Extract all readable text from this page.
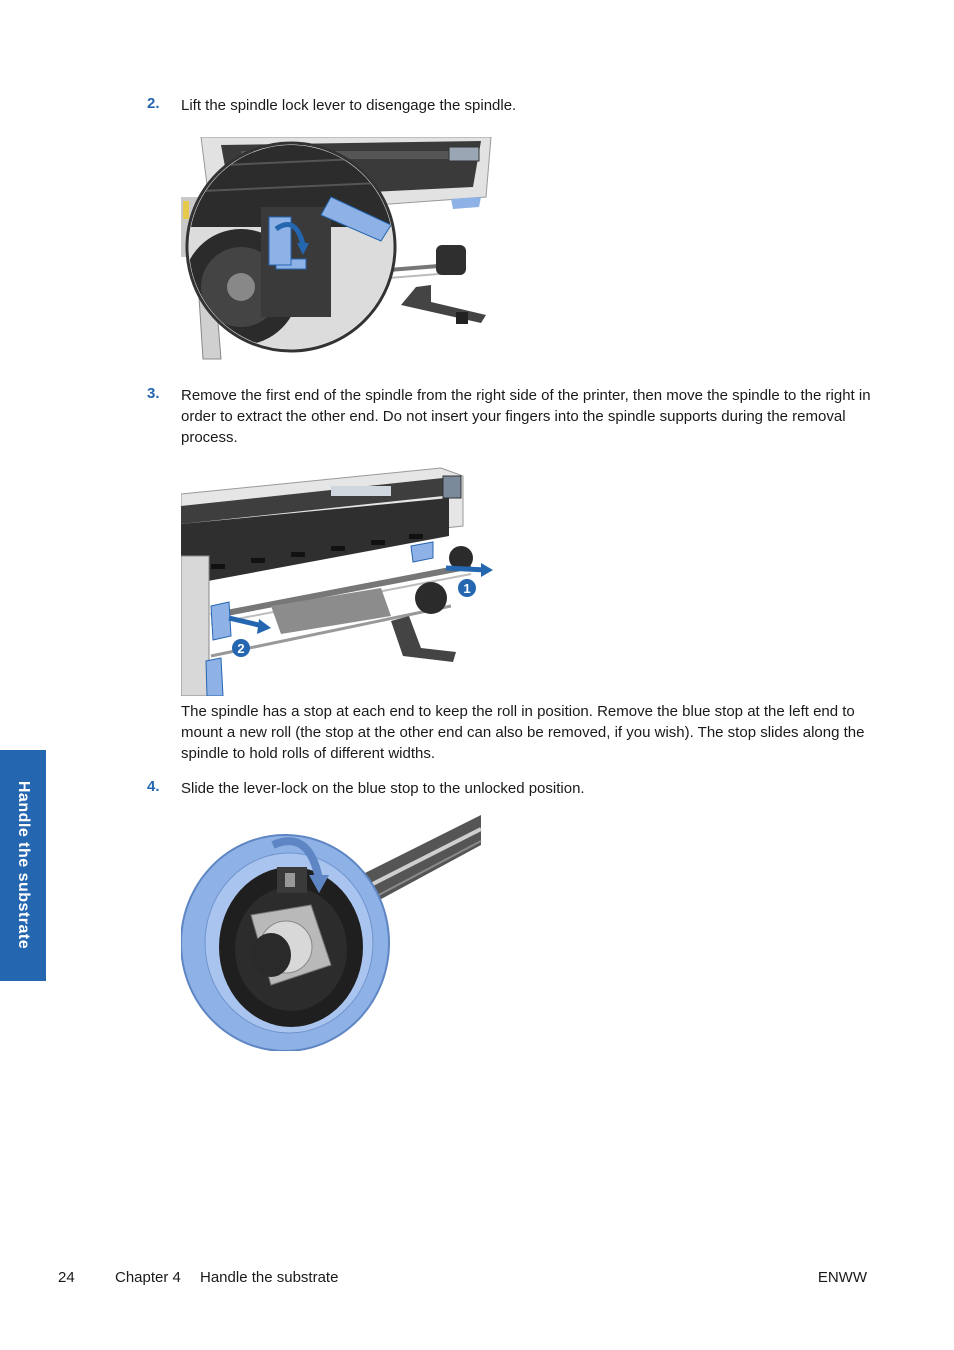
2. Lift the spindle lock lever to disengage the spindle.
3. Remove the first end of the spindle from the right side of the printer, then move the spindle to the right in order to extract the other end. Do not insert your fingers into the spindle supports during the removal process.
1
2
The spindle has a stop at each end to keep the roll in position. Remove the blue stop at the left end to mount a new roll (the stop at the other end can also be removed, if you wish). The stop slides along the spindle to hold rolls of different widths.
4. Slide the lever-lock on the blue stop to the unlocked position.
Handle the substrate
24	Chapter 4 Handle the substrate	ENWW
